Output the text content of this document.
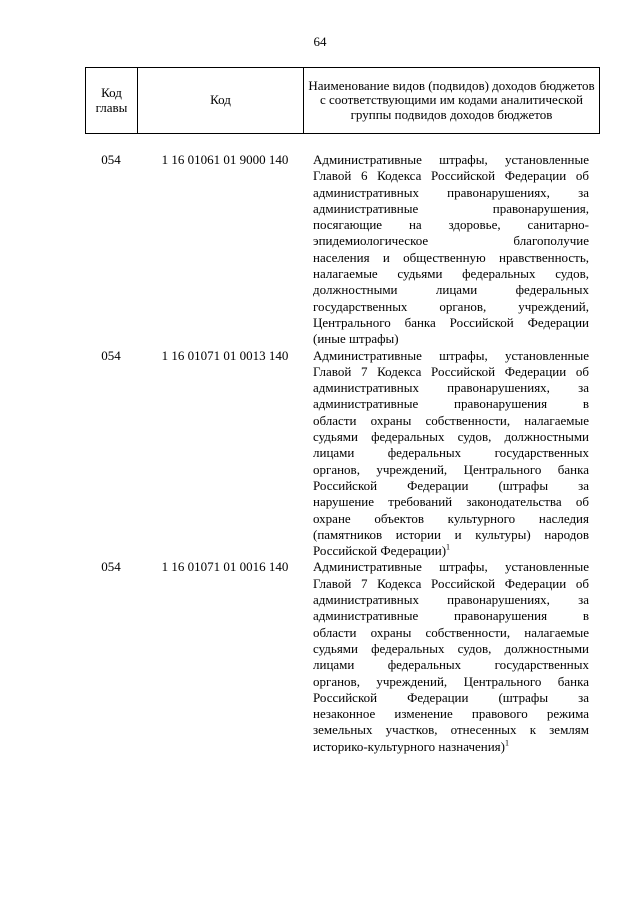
64
Код
главы	Код	Наименование видов (подвидов) доходов бюджетов с соответствующими им кодами аналитической группы подвидов доходов бюджетов
054	1 16 01061 01 9000 140	Административные штрафы, установленные
Главой 6 Кодекса Российской Федерации об
административных правонарушениях, за
административные правонарушения,
посягающие на здоровье, санитарно-
эпидемиологическое благополучие
населения и общественную нравственность,
налагаемые судьями федеральных судов,
должностными лицами федеральных
государственных органов, учреждений,
Центрального банка Российской Федерации
(иные штрафы)
054	1 16 01071 01 0013 140	Административные штрафы, установленные
Главой 7 Кодекса Российской Федерации об
административных правонарушениях, за
административные правонарушения в
области охраны собственности, налагаемые
судьями федеральных судов, должностными
лицами федеральных государственных
органов, учреждений, Центрального банка
Российской Федерации (штрафы за
нарушение требований законодательства об
охране объектов культурного наследия
(памятников истории и культуры) народов
Российской Федерации)$^1$
054	1 16 01071 01 0016 140	Административные штрафы, установленные
Главой 7 Кодекса Российской Федерации об
административных правонарушениях, за
административные правонарушения в
области охраны собственности, налагаемые
судьями федеральных судов, должностными
лицами федеральных государственных
органов, учреждений, Центрального банка
Российской Федерации (штрафы за
незаконное изменение правового режима
земельных участков, отнесенных к землям
историко-культурного назначения)$^1$
